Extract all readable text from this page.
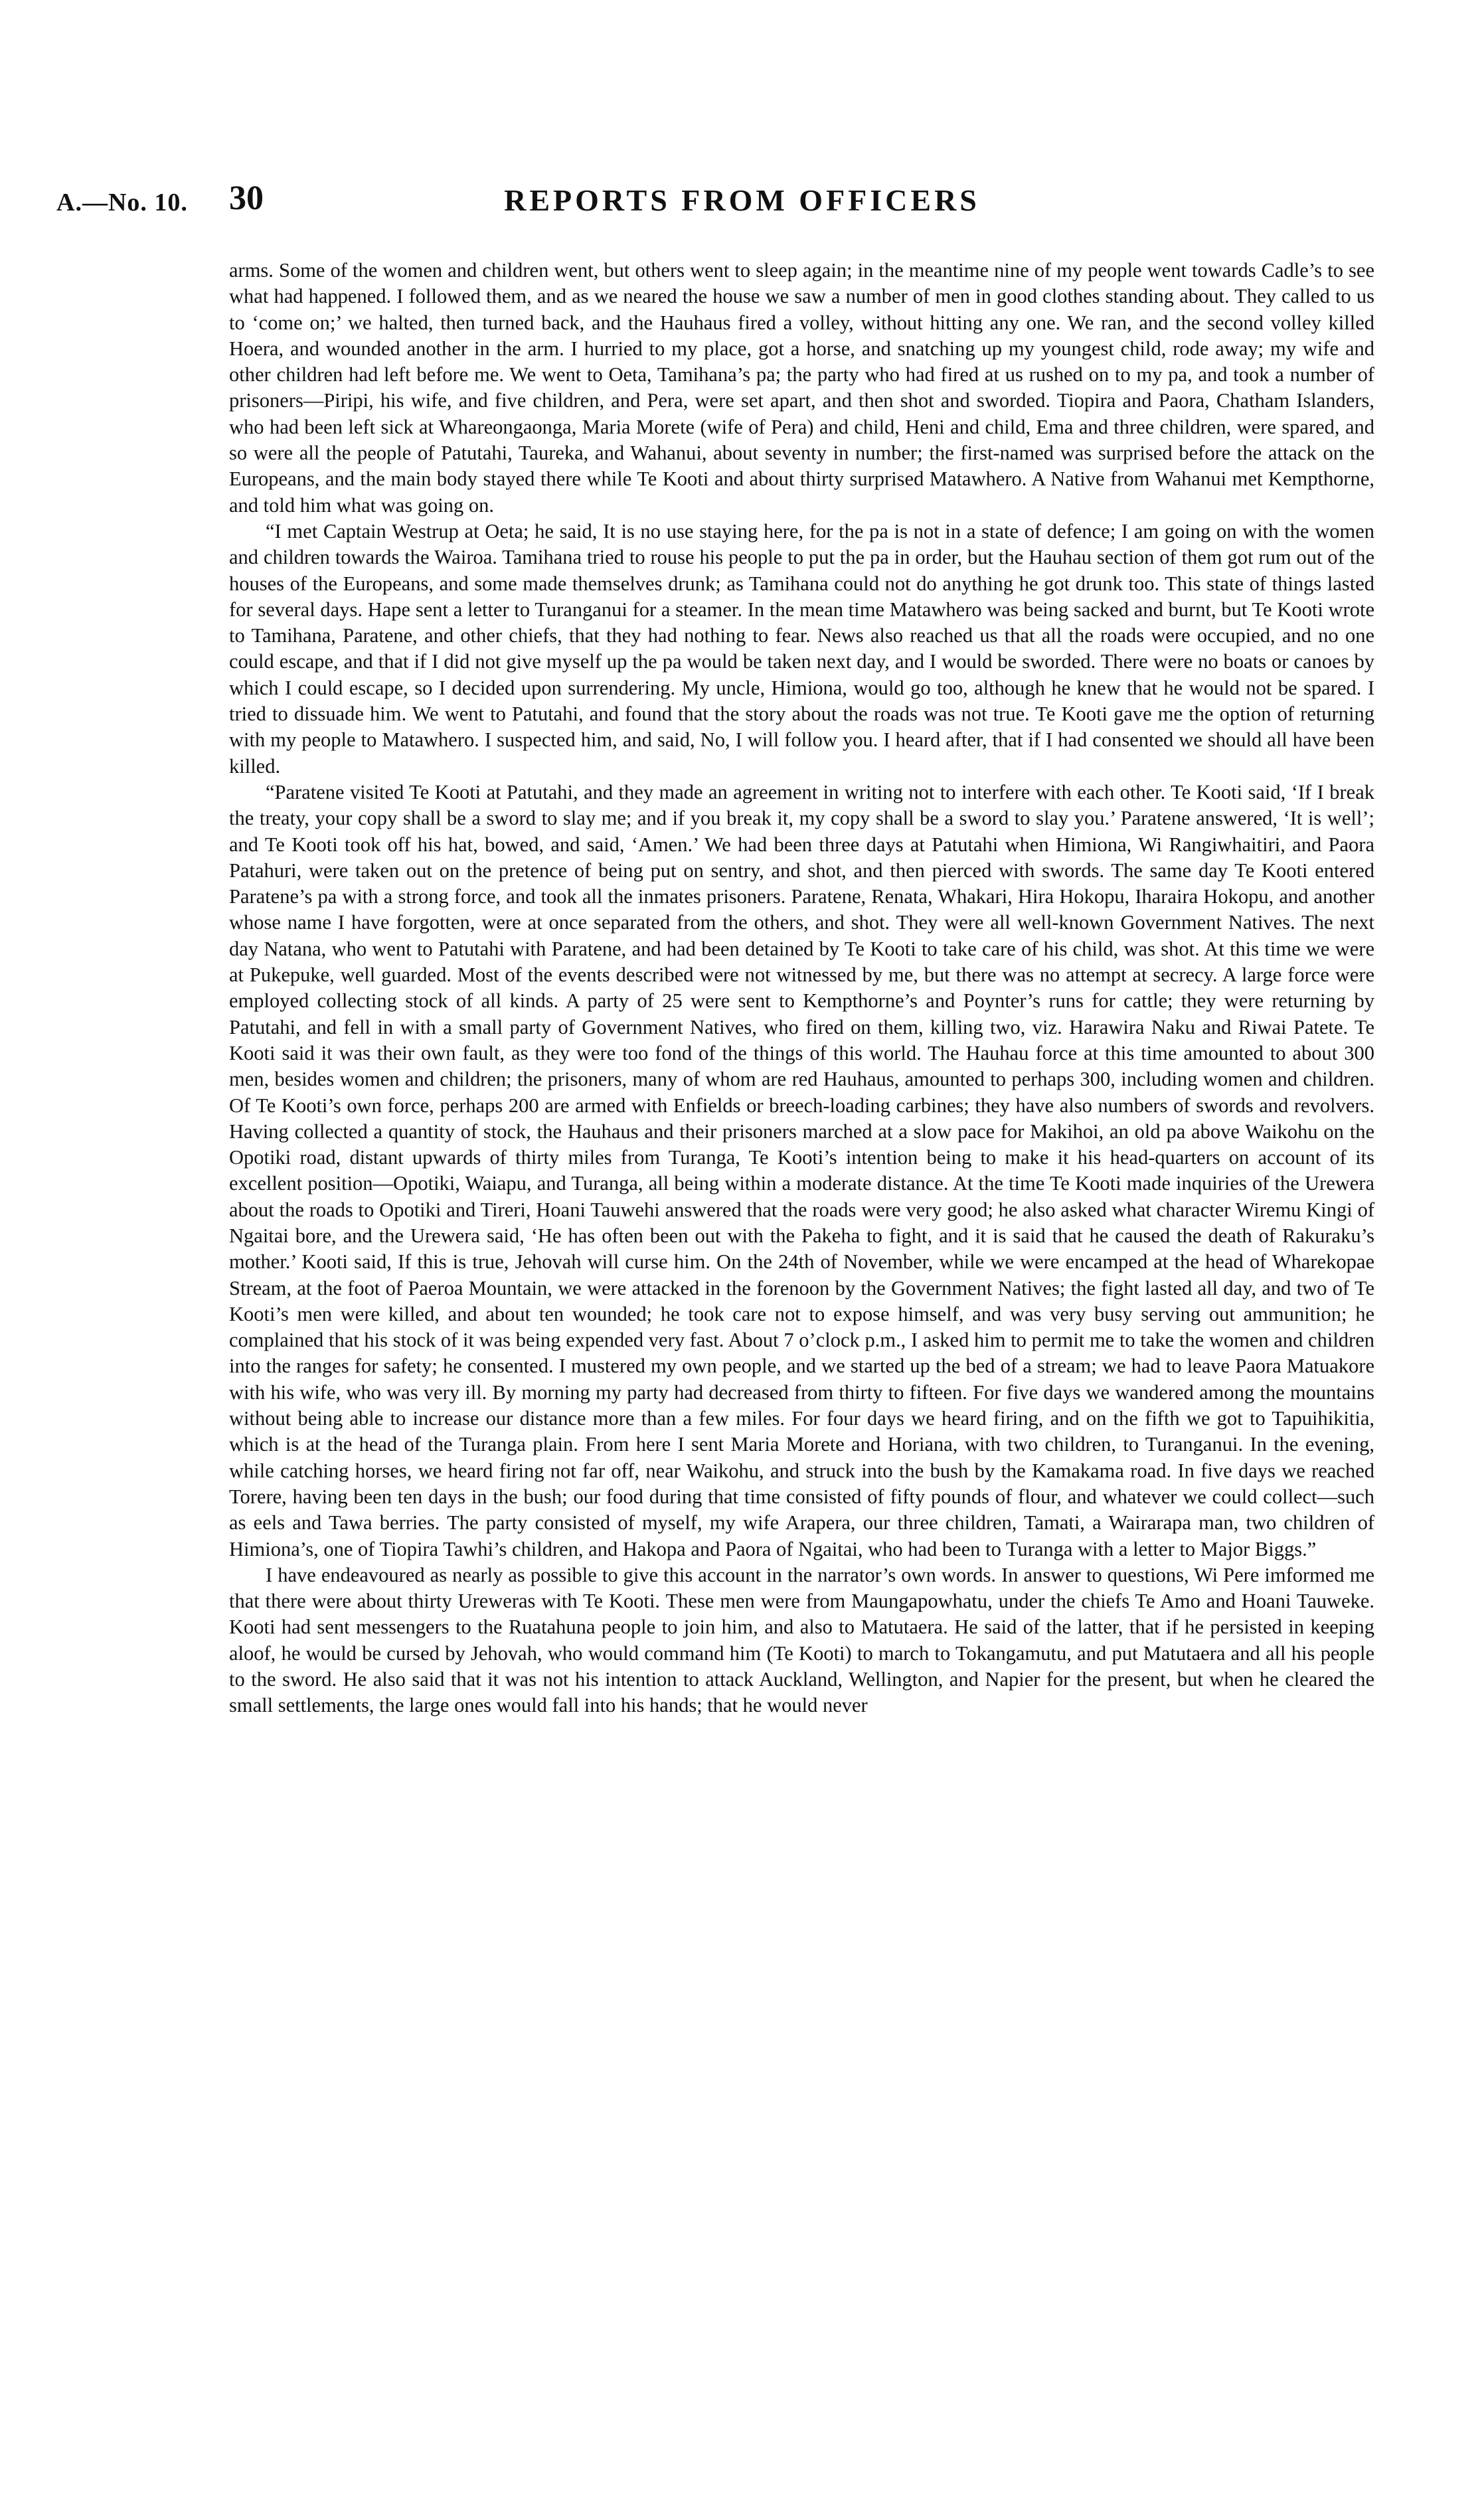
A.—No. 10. 30	REPORTS FROM OFFICERS

arms. Some of the women and children went, but others went to sleep again; in the meantime nine of my people went towards Cadle’s to see what had happened. I followed them, and as we neared the house we saw a number of men in good clothes standing about. They called to us to ‘come on;’ we halted, then turned back, and the Hauhaus fired a volley, without hitting any one. We ran, and the second volley killed Hoera, and wounded another in the arm. I hurried to my place, got a horse, and snatching up my youngest child, rode away; my wife and other children had left before me. We went to Oeta, Tamihana’s pa; the party who had fired at us rushed on to my pa, and took a number of prisoners—Piripi, his wife, and five children, and Pera, were set apart, and then shot and sworded. Tiopira and Paora, Chatham Islanders, who had been left sick at Whareongaonga, Maria Morete (wife of Pera) and child, Heni and child, Ema and three children, were spared, and so were all the people of Patutahi, Taureka, and Wahanui, about seventy in number; the first-named was surprised before the attack on the Europeans, and the main body stayed there while Te Kooti and about thirty surprised Matawhero. A Native from Wahanui met Kempthorne, and told him what was going on.

“I met Captain Westrup at Oeta; he said, It is no use staying here, for the pa is not in a state of defence; I am going on with the women and children towards the Wairoa. Tamihana tried to rouse his people to put the pa in order, but the Hauhau section of them got rum out of the houses of the Europeans, and some made themselves drunk; as Tamihana could not do anything he got drunk too. This state of things lasted for several days. Hape sent a letter to Turanganui for a steamer. In the mean time Matawhero was being sacked and burnt, but Te Kooti wrote to Tamihana, Paratene, and other chiefs, that they had nothing to fear. News also reached us that all the roads were occupied, and no one could escape, and that if I did not give myself up the pa would be taken next day, and I would be sworded. There were no boats or canoes by which I could escape, so I decided upon surrendering. My uncle, Himiona, would go too, although he knew that he would not be spared. I tried to dissuade him. We went to Patutahi, and found that the story about the roads was not true. Te Kooti gave me the option of returning with my people to Matawhero. I suspected him, and said, No, I will follow you. I heard after, that if I had consented we should all have been killed.

“Paratene visited Te Kooti at Patutahi, and they made an agreement in writing not to interfere with each other. Te Kooti said, ‘If I break the treaty, your copy shall be a sword to slay me; and if you break it, my copy shall be a sword to slay you.’ Paratene answered, ‘It is well’; and Te Kooti took off his hat, bowed, and said, ‘Amen.’ We had been three days at Patutahi when Himiona, Wi Rangiwhaitiri, and Paora Patahuri, were taken out on the pretence of being put on sentry, and shot, and then pierced with swords. The same day Te Kooti entered Paratene’s pa with a strong force, and took all the inmates prisoners. Paratene, Renata, Whakari, Hira Hokopu, Iharaira Hokopu, and another whose name I have forgotten, were at once separated from the others, and shot. They were all well-known Government Natives. The next day Natana, who went to Patutahi with Paratene, and had been detained by Te Kooti to take care of his child, was shot. At this time we were at Pukepuke, well guarded. Most of the events described were not witnessed by me, but there was no attempt at secrecy. A large force were employed collecting stock of all kinds. A party of 25 were sent to Kempthorne’s and Poynter’s runs for cattle; they were returning by Patutahi, and fell in with a small party of Government Natives, who fired on them, killing two, viz. Harawira Naku and Riwai Patete. Te Kooti said it was their own fault, as they were too fond of the things of this world. The Hauhau force at this time amounted to about 300 men, besides women and children; the prisoners, many of whom are red Hauhaus, amounted to perhaps 300, including women and children. Of Te Kooti’s own force, perhaps 200 are armed with Enfields or breech-loading carbines; they have also numbers of swords and revolvers. Having collected a quantity of stock, the Hauhaus and their prisoners marched at a slow pace for Makihoi, an old pa above Waikohu on the Opotiki road, distant upwards of thirty miles from Turanga, Te Kooti’s intention being to make it his head-quarters on account of its excellent position—Opotiki, Waiapu, and Turanga, all being within a moderate distance. At the time Te Kooti made inquiries of the Urewera about the roads to Opotiki and Tireri, Hoani Tauwehi answered that the roads were very good; he also asked what character Wiremu Kingi of Ngaitai bore, and the Urewera said, ‘He has often been out with the Pakeha to fight, and it is said that he caused the death of Rakuraku’s mother.’ Kooti said, If this is true, Jehovah will curse him. On the 24th of November, while we were encamped at the head of Wharekopae Stream, at the foot of Paeroa Mountain, we were attacked in the forenoon by the Government Natives; the fight lasted all day, and two of Te Kooti’s men were killed, and about ten wounded; he took care not to expose himself, and was very busy serving out ammunition; he complained that his stock of it was being expended very fast. About 7 o’clock p.m., I asked him to permit me to take the women and children into the ranges for safety; he consented. I mustered my own people, and we started up the bed of a stream; we had to leave Paora Matuakore with his wife, who was very ill. By morning my party had decreased from thirty to fifteen. For five days we wandered among the mountains without being able to increase our distance more than a few miles. For four days we heard firing, and on the fifth we got to Tapuihikitia, which is at the head of the Turanga plain. From here I sent Maria Morete and Horiana, with two children, to Turanganui. In the evening, while catching horses, we heard firing not far off, near Waikohu, and struck into the bush by the Kamakama road. In five days we reached Torere, having been ten days in the bush; our food during that time consisted of fifty pounds of flour, and whatever we could collect—such as eels and Tawa berries. The party consisted of myself, my wife Arapera, our three children, Tamati, a Wairarapa man, two children of Himiona’s, one of Tiopira Tawhi’s children, and Hakopa and Paora of Ngaitai, who had been to Turanga with a letter to Major Biggs.”

I have endeavoured as nearly as possible to give this account in the narrator’s own words. In answer to questions, Wi Pere imformed me that there were about thirty Ureweras with Te Kooti. These men were from Maungapowhatu, under the chiefs Te Amo and Hoani Tauweke. Kooti had sent messengers to the Ruatahuna people to join him, and also to Matutaera. He said of the latter, that if he persisted in keeping aloof, he would be cursed by Jehovah, who would command him (Te Kooti) to march to Tokangamutu, and put Matutaera and all his people to the sword. He also said that it was not his intention to attack Auckland, Wellington, and Napier for the present, but when he cleared the small settlements, the large ones would fall into his hands; that he would never
